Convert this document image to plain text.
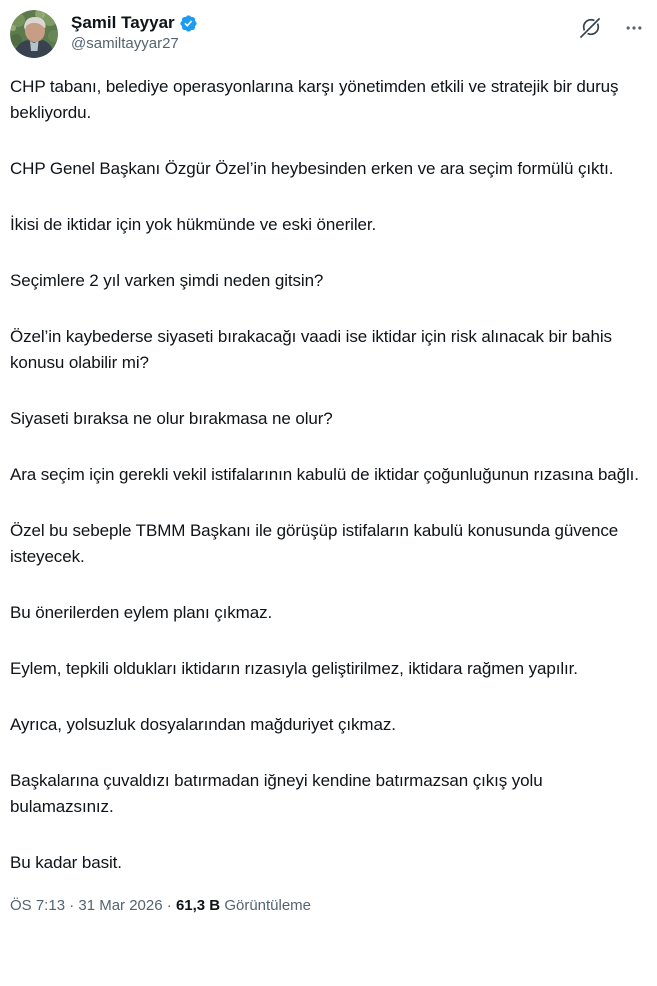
Şamil Tayyar
@samiltayyar27
CHP tabanı, belediye operasyonlarına karşı yönetimden etkili ve stratejik bir duruş bekliyordu.
CHP Genel Başkanı Özgür Özel’in heybesinden erken ve ara seçim formülü çıktı.
İkisi de iktidar için yok hükmünde ve eski öneriler.
Seçimlere 2 yıl varken şimdi neden gitsin?
Özel’in kaybederse siyaseti bırakacağı vaadi ise iktidar için risk alınacak bir bahis konusu olabilir mi?
Siyaseti bıraksa ne olur bırakmasa ne olur?
Ara seçim için gerekli vekil istifalarının kabulü de iktidar çoğunluğunun rızasına bağlı.
Özel bu sebeple TBMM Başkanı ile görüşüp istifaların kabulü konusunda güvence isteyecek.
Bu önerilerden eylem planı çıkmaz.
Eylem, tepkili oldukları iktidarın rızasıyla geliştirilmez, iktidara rağmen yapılır.
Ayrıca, yolsuzluk dosyalarından mağduriyet çıkmaz.
Başkalarına çuvaldızı batırmadan iğneyi kendine batırmazsan çıkış yolu bulamazsınız.
Bu kadar basit.
ÖS 7:13 · 31 Mar 2026 · 61,3 B Görüntüleme
